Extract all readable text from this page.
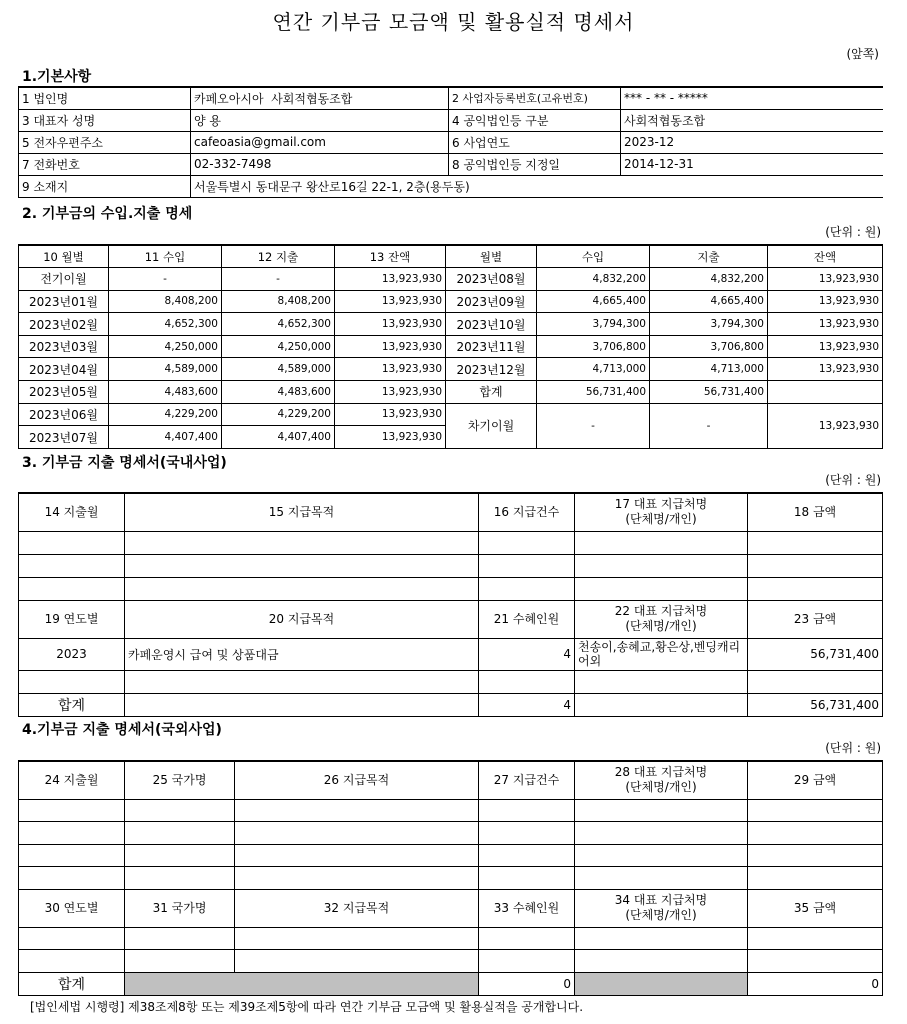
연간 기부금 모금액 및 활용실적 명세서
(앞쪽)
1.기본사항
1 법인명	카페오아시아  사회적협동조합	2 사업자등록번호(고유번호)	*** - ** - *****
3 대표자 성명	양 용	4 공익법인등 구분	사회적협동조합
5 전자우편주소	cafeoasia@gmail.com	6 사업연도	2023-12
7 전화번호	02-332-7498	8 공익법인등 지정일	2014-12-31
9 소재지	서울특별시 동대문구 왕산로16길 22-1, 2층(용두동)		
2. 기부금의 수입.지출 명세
(단위 : 원)
10 월별	11 수입	12 지출	13 잔액	월별	수입	지출	잔액
전기이월	-	-	13,923,930	2023년08월	4,832,200	4,832,200	13,923,930
2023년01월	8,408,200	8,408,200	13,923,930	2023년09월	4,665,400	4,665,400	13,923,930
2023년02월	4,652,300	4,652,300	13,923,930	2023년10월	3,794,300	3,794,300	13,923,930
2023년03월	4,250,000	4,250,000	13,923,930	2023년11월	3,706,800	3,706,800	13,923,930
2023년04월	4,589,000	4,589,000	13,923,930	2023년12월	4,713,000	4,713,000	13,923,930
2023년05월	4,483,600	4,483,600	13,923,930	합계	56,731,400	56,731,400	
2023년06월	4,229,200	4,229,200	13,923,930	차기이월	-	-	13,923,930
2023년07월	4,407,400	4,407,400	13,923,930				
3. 기부금 지출 명세서(국내사업)
(단위 : 원)
14 지출월	15 지급목적	16 지급건수	17 대표 지급처명
(단체명/개인)	18 금액

19 연도별	20 지급목적	21 수혜인원	22 대표 지급처명
(단체명/개인)	23 금액
2023	카페운영시 급여 및 상품대금	4	천송이,송혜교,황은상,벤딩캐리어외	56,731,400

합계		4		56,731,400
4.기부금 지출 명세서(국외사업)
(단위 : 원)
24 지출월	25 국가명	26 지급목적	27 지급건수	28 대표 지급처명
(단체명/개인)	29 금액

30 연도별	31 국가명	32 지급목적	33 수혜인원	34 대표 지급처명
(단체명/개인)	35 금액

합계			0		0
[법인세법 시행령] 제38조제8항 또는 제39조제5항에 따라 연간 기부금 모금액 및 활용실적을 공개합니다.
